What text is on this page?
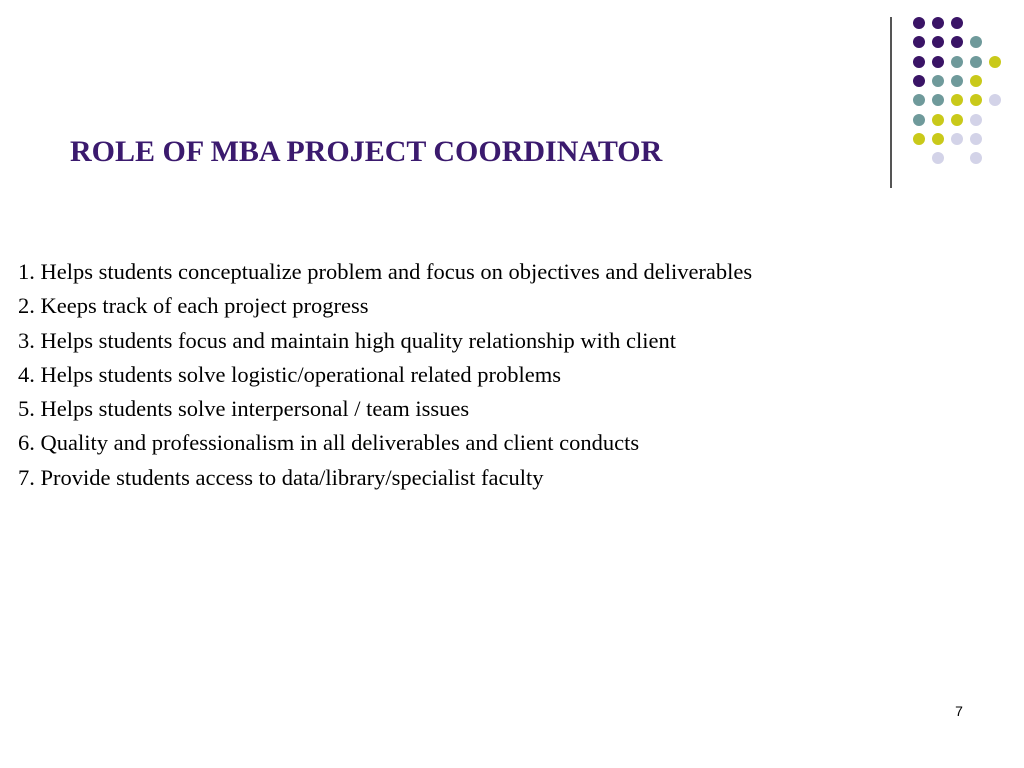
ROLE OF MBA PROJECT COORDINATOR
1. Helps students conceptualize problem and focus on objectives and deliverables
2. Keeps track of each project progress
3. Helps students focus and maintain high quality relationship with client
4. Helps students solve logistic/operational related problems
5. Helps students solve interpersonal / team issues
6. Quality and professionalism in all deliverables and client conducts
7. Provide students access to data/library/specialist faculty
7
